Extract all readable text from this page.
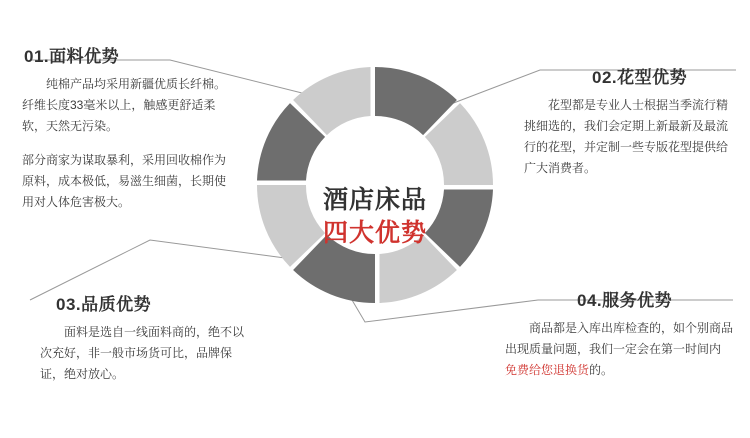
酒店床品
四大优势
01.面料优势

纯棉产品均采用新疆优质长纤棉。纤维长度33毫米以上，触感更舒适柔软，天然无污染。

部分商家为谋取暴利，采用回收棉作为原料，成本极低，易滋生细菌，长期使用对人体危害极大。

02.花型优势

花型都是专业人士根据当季流行精挑细选的，我们会定期上新最新及最流行的花型，并定制一些专版花型提供给广大消费者。

03.品质优势

面料是选自一线面料商的，绝不以次充好，非一般市场货可比，品牌保证，绝对放心。

04.服务优势

商品都是入库出库检查的，如个别商品出现质量问题，我们一定会在第一时间内免费给您退换货的。
